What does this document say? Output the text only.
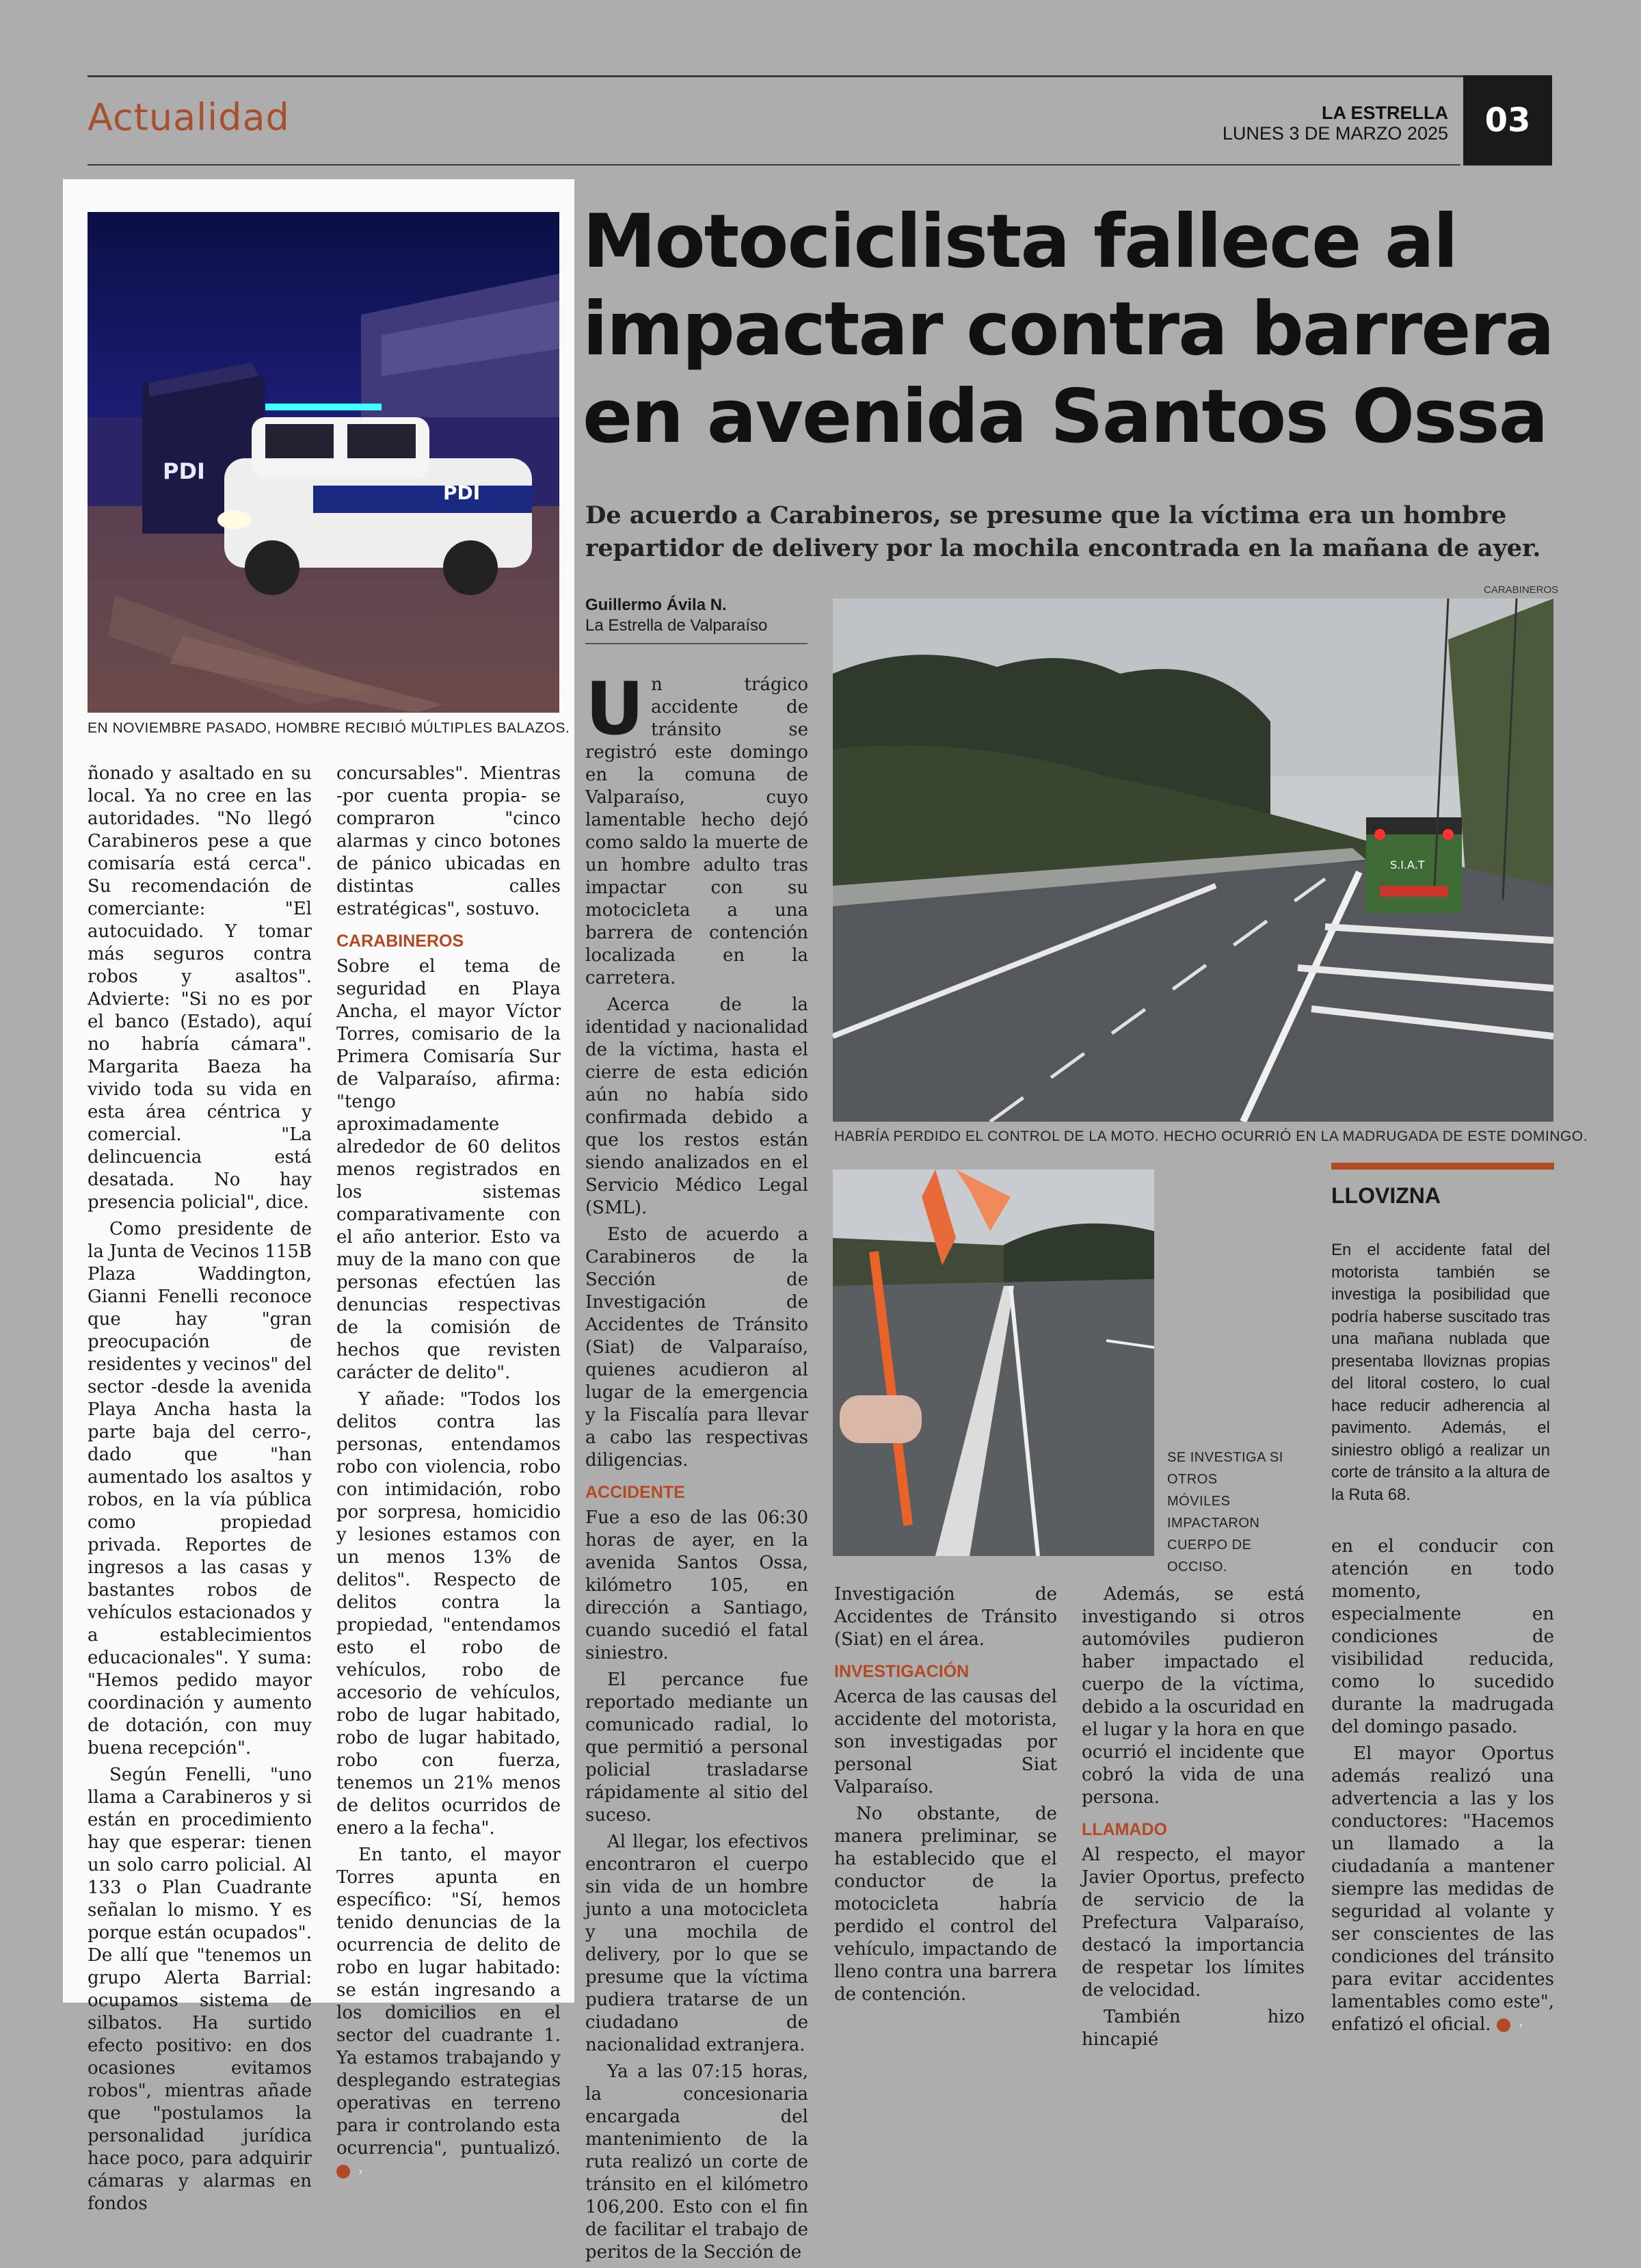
Actualidad	LA ESTRELLA
LUNES 3 DE MARZO 2025	03
PDI
PDI
EN NOVIEMBRE PASADO, HOMBRE RECIBIÓ MÚLTIPLES BALAZOS.

ñonado y asaltado en su local. Ya no cree en las autoridades. "No llegó Carabineros pese a que comisaría está cerca". Su recomendación de comerciante: "El autocuidado. Y tomar más seguros contra robos y asaltos". Advierte: "Si no es por el banco (Estado), aquí no habría cámara". Margarita Baeza ha vivido toda su vida en esta área céntrica y comercial. "La delincuencia está desatada. No hay presencia policial", dice.

Como presidente de la Junta de Vecinos 115B Plaza Waddington, Gianni Fenelli reconoce que hay "gran preocupación de residentes y vecinos" del sector -desde la avenida Playa Ancha hasta la parte baja del cerro-, dado que "han aumentado los asaltos y robos, en la vía pública como propiedad privada. Reportes de ingresos a las casas y bastantes robos de vehículos estacionados y a establecimientos educacionales". Y suma: "Hemos pedido mayor coordinación y aumento de dotación, con muy buena recepción".

Según Fenelli, "uno llama a Carabineros y si están en procedimiento hay que esperar: tienen un solo carro policial. Al 133 o Plan Cuadrante señalan lo mismo. Y es porque están ocupados". De allí que "tenemos un grupo Alerta Barrial: ocupamos sistema de silbatos. Ha surtido efecto positivo: en dos ocasiones evitamos robos", mientras añade que "postulamos la personalidad jurídica hace poco, para adquirir cámaras y alarmas en fondos

concursables". Mientras -por cuenta propia- se compraron "cinco alarmas y cinco botones de pánico ubicadas en distintas calles estratégicas", sostuvo.

CARABINEROS

Sobre el tema de seguridad en Playa Ancha, el mayor Víctor Torres, comisario de la Primera Comisaría Sur de Valparaíso, afirma: "tengo aproximadamente alrededor de 60 delitos menos registrados en los sistemas comparativamente con el año anterior. Esto va muy de la mano con que personas efectúen las denuncias respectivas de la comisión de hechos que revisten carácter de delito".

Y añade: "Todos los delitos contra las personas, entendamos robo con violencia, robo con intimidación, robo por sorpresa, homicidio y lesiones estamos con un menos 13% de delitos". Respecto de delitos contra la propiedad, "entendamos esto el robo de vehículos, robo de accesorio de vehículos, robo de lugar habitado, robo de lugar habitado, robo con fuerza, tenemos un 21% menos de delitos ocurridos de enero a la fecha".

En tanto, el mayor Torres apunta en específico: "Sí, hemos tenido denuncias de la ocurrencia de delito de robo en lugar habitado: se están ingresando a los domicilios en el sector del cuadrante 1. Ya estamos trabajando y desplegando estrategias operativas en terreno para ir controlando esta ocurrencia", puntualizó. ›

Motociclista fallece al impactar contra barrera en avenida Santos Ossa
De acuerdo a Carabineros, se presume que la víctima era un hombre repartidor de delivery por la mochila encontrada en la mañana de ayer.
Guillermo Ávila N.
La Estrella de Valparaíso
CARABINEROS
S.I.A.T
HABRÍA PERDIDO EL CONTROL DE LA MOTO. HECHO OCURRIÓ EN LA MADRUGADA DE ESTE DOMINGO.
SE INVESTIGA SI OTROS MÓVILES IMPACTARON CUERPO DE OCCISO.

Un trágico accidente de tránsito se registró este domingo en la comuna de Valparaíso, cuyo lamentable hecho dejó como saldo la muerte de un hombre adulto tras impactar con su motocicleta a una barrera de contención localizada en la carretera.

Acerca de la identidad y nacionalidad de la víctima, hasta el cierre de esta edición aún no había sido confirmada debido a que los restos están siendo analizados en el Servicio Médico Legal (SML).

Esto de acuerdo a Carabineros de la Sección de Investigación de Accidentes de Tránsito (Siat) de Valparaíso, quienes acudieron al lugar de la emergencia y la Fiscalía para llevar a cabo las respectivas diligencias.

ACCIDENTE

Fue a eso de las 06:30 horas de ayer, en la avenida Santos Ossa, kilómetro 105, en dirección a Santiago, cuando sucedió el fatal siniestro.

El percance fue reportado mediante un comunicado radial, lo que permitió a personal policial trasladarse rápidamente al sitio del suceso.

Al llegar, los efectivos encontraron el cuerpo sin vida de un hombre junto a una motocicleta y una mochila de delivery, por lo que se presume que la víctima pudiera tratarse de un ciudadano de nacionalidad extranjera.

Ya a las 07:15 horas, la concesionaria encargada del mantenimiento de la ruta realizó un corte de tránsito en el kilómetro 106,200. Esto con el fin de facilitar el trabajo de peritos de la Sección de

Investigación de Accidentes de Tránsito (Siat) en el área.

INVESTIGACIÓN

Acerca de las causas del accidente del motorista, son investigadas por personal Siat Valparaíso.

No obstante, de manera preliminar, se ha establecido que el conductor de la motocicleta habría perdido el control del vehículo, impactando de lleno contra una barrera de contención.

Además, se está investigando si otros automóviles pudieron haber impactado el cuerpo de la víctima, debido a la oscuridad en el lugar y la hora en que ocurrió el incidente que cobró la vida de una persona.

LLAMADO

Al respecto, el mayor Javier Oportus, prefecto de servicio de la Prefectura Valparaíso, destacó la importancia de respetar los límites de velocidad.

También hizo hincapié

en el conducir con atención en todo momento, especialmente en condiciones de visibilidad reducida, como lo sucedido durante la madrugada del domingo pasado.

El mayor Oportus además realizó una advertencia a las y los conductores: "Hacemos un llamado a la ciudadanía a mantener siempre las medidas de seguridad al volante y ser conscientes de las condiciones del tránsito para evitar accidentes lamentables como este", enfatizó el oficial.	›

LLOVIZNA
En el accidente fatal del motorista también se investiga la posibilidad que podría haberse suscitado tras una mañana nublada que presentaba lloviznas propias del litoral costero, lo cual hace reducir adherencia al pavimento. Además, el siniestro obligó a realizar un corte de tránsito a la altura de la Ruta 68.
